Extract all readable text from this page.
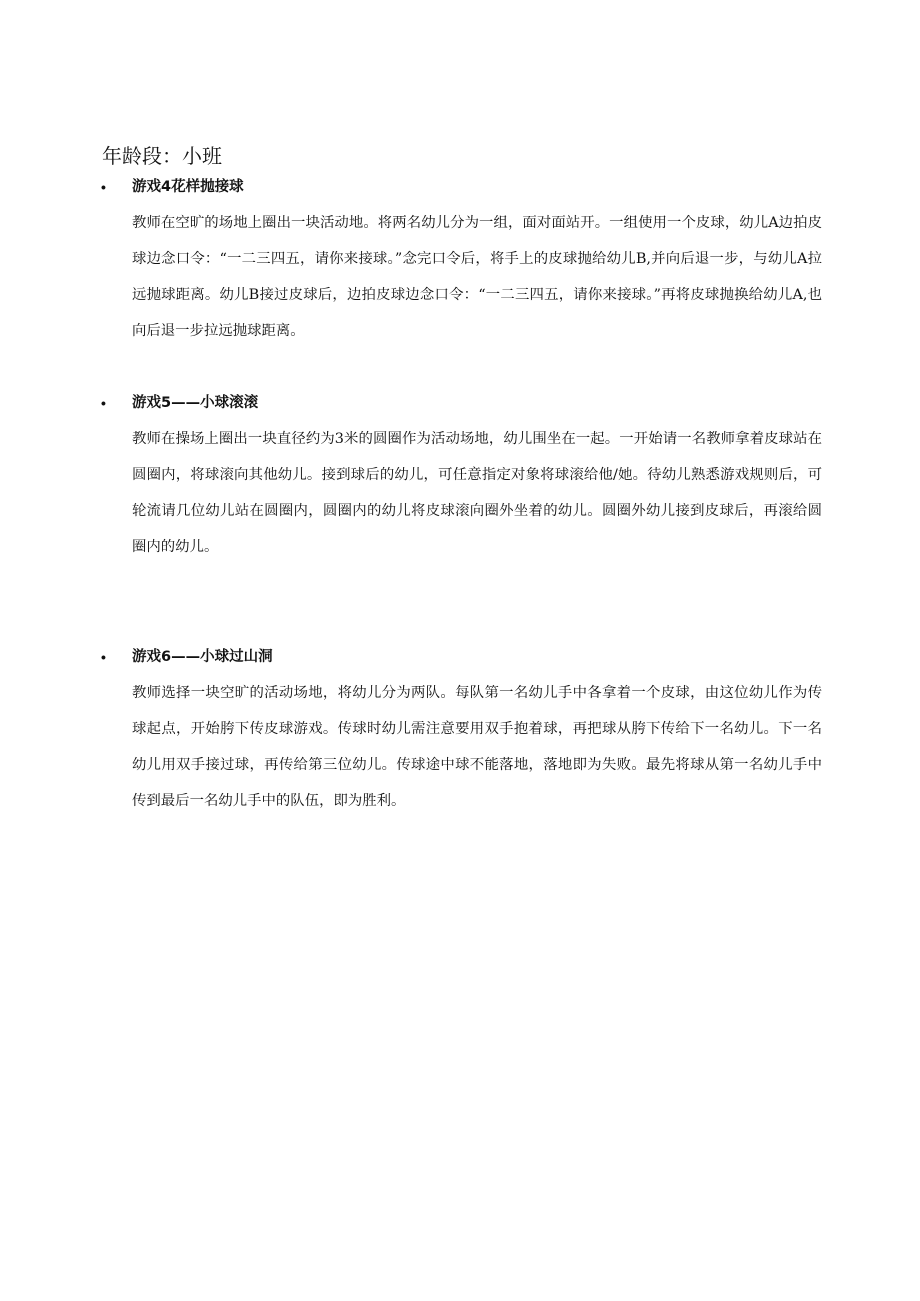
年龄段：小班
• 游戏4花样抛接球

教师在空旷的场地上圈出一块活动地。将两名幼儿分为一组，面对面站开。一组使用一个皮球，幼儿A边拍皮球边念口令：“一二三四五，请你来接球。”念完口令后，将手上的皮球抛给幼儿B,并向后退一步，与幼儿A拉远抛球距离。幼儿B接过皮球后，边拍皮球边念口令：“一二三四五，请你来接球。”再将皮球抛换给幼儿A,也向后退一步拉远抛球距离。

• 游戏5——小球滚滚

教师在操场上圈出一块直径约为3米的圆圈作为活动场地，幼儿围坐在一起。一开始请一名教师拿着皮球站在圆圈内，将球滚向其他幼儿。接到球后的幼儿，可任意指定对象将球滚给他/她。待幼儿熟悉游戏规则后，可轮流请几位幼儿站在圆圈内，圆圈内的幼儿将皮球滚向圈外坐着的幼儿。圆圈外幼儿接到皮球后，再滚给圆圈内的幼儿。

• 游戏6——小球过山洞

教师选择一块空旷的活动场地，将幼儿分为两队。每队第一名幼儿手中各拿着一个皮球，由这位幼儿作为传球起点，开始胯下传皮球游戏。传球时幼儿需注意要用双手抱着球，再把球从胯下传给下一名幼儿。下一名幼儿用双手接过球，再传给第三位幼儿。传球途中球不能落地，落地即为失败。最先将球从第一名幼儿手中传到最后一名幼儿手中的队伍，即为胜利。
